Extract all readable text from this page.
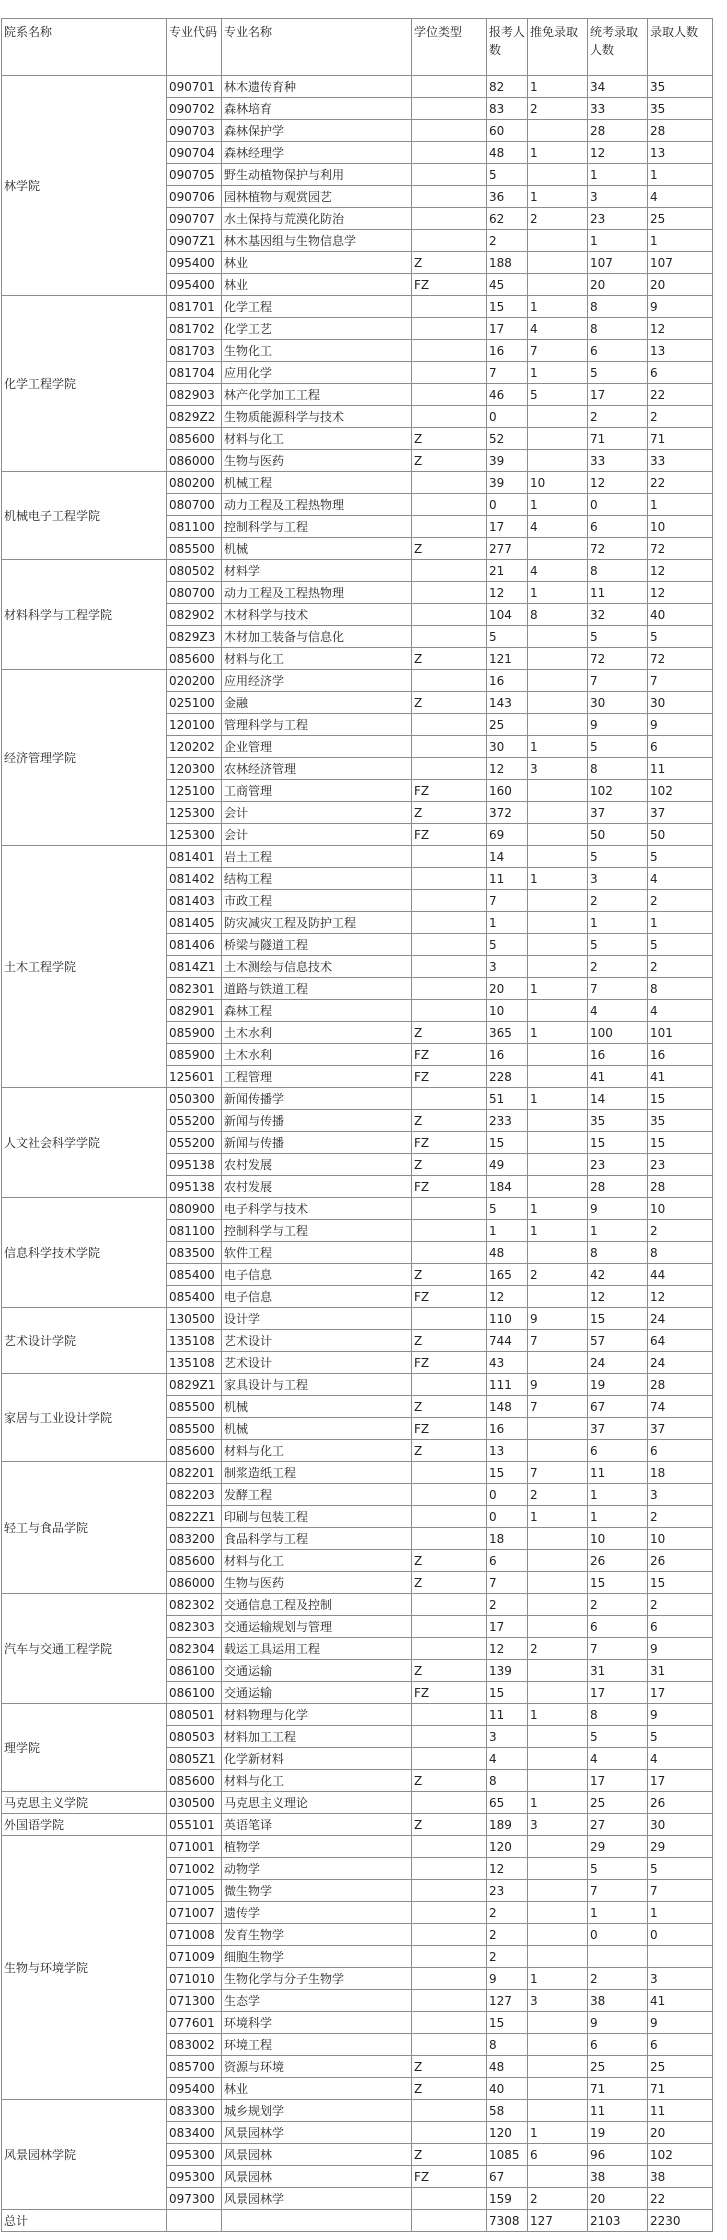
院系名称	专业代码	专业名称	学位类型	报考人数	推免录取	统考录取人数	录取人数
林学院	090701	林木遗传育种		82	1	34	35
	090702	森林培育		83	2	33	35
	090703	森林保护学		60		28	28
	090704	森林经理学		48	1	12	13
	090705	野生动植物保护与利用		5		1	1
	090706	园林植物与观赏园艺		36	1	3	4
	090707	水土保持与荒漠化防治		62	2	23	25
	0907Z1	林木基因组与生物信息学		2		1	1
	095400	林业	Z	188		107	107
	095400	林业	FZ	45		20	20
化学工程学院	081701	化学工程		15	1	8	9
	081702	化学工艺		17	4	8	12
	081703	生物化工		16	7	6	13
	081704	应用化学		7	1	5	6
	082903	林产化学加工工程		46	5	17	22
	0829Z2	生物质能源科学与技术		0		2	2
	085600	材料与化工	Z	52		71	71
	086000	生物与医药	Z	39		33	33
机械电子工程学院	080200	机械工程		39	10	12	22
	080700	动力工程及工程热物理		0	1	0	1
	081100	控制科学与工程		17	4	6	10
	085500	机械	Z	277		72	72
材料科学与工程学院	080502	材料学		21	4	8	12
	080700	动力工程及工程热物理		12	1	11	12
	082902	木材科学与技术		104	8	32	40
	0829Z3	木材加工装备与信息化		5		5	5
	085600	材料与化工	Z	121		72	72
经济管理学院	020200	应用经济学		16		7	7
	025100	金融	Z	143		30	30
	120100	管理科学与工程		25		9	9
	120202	企业管理		30	1	5	6
	120300	农林经济管理		12	3	8	11
	125100	工商管理	FZ	160		102	102
	125300	会计	Z	372		37	37
	125300	会计	FZ	69		50	50
土木工程学院	081401	岩土工程		14		5	5
	081402	结构工程		11	1	3	4
	081403	市政工程		7		2	2
	081405	防灾减灾工程及防护工程		1		1	1
	081406	桥梁与隧道工程		5		5	5
	0814Z1	土木测绘与信息技术		3		2	2
	082301	道路与铁道工程		20	1	7	8
	082901	森林工程		10		4	4
	085900	土木水利	Z	365	1	100	101
	085900	土木水利	FZ	16		16	16
	125601	工程管理	FZ	228		41	41
人文社会科学学院	050300	新闻传播学		51	1	14	15
	055200	新闻与传播	Z	233		35	35
	055200	新闻与传播	FZ	15		15	15
	095138	农村发展	Z	49		23	23
	095138	农村发展	FZ	184		28	28
信息科学技术学院	080900	电子科学与技术		5	1	9	10
	081100	控制科学与工程		1	1	1	2
	083500	软件工程		48		8	8
	085400	电子信息	Z	165	2	42	44
	085400	电子信息	FZ	12		12	12
艺术设计学院	130500	设计学		110	9	15	24
	135108	艺术设计	Z	744	7	57	64
	135108	艺术设计	FZ	43		24	24
家居与工业设计学院	0829Z1	家具设计与工程		111	9	19	28
	085500	机械	Z	148	7	67	74
	085500	机械	FZ	16		37	37
	085600	材料与化工	Z	13		6	6
轻工与食品学院	082201	制浆造纸工程		15	7	11	18
	082203	发酵工程		0	2	1	3
	0822Z1	印刷与包装工程		0	1	1	2
	083200	食品科学与工程		18		10	10
	085600	材料与化工	Z	6		26	26
	086000	生物与医药	Z	7		15	15
汽车与交通工程学院	082302	交通信息工程及控制		2		2	2
	082303	交通运输规划与管理		17		6	6
	082304	载运工具运用工程		12	2	7	9
	086100	交通运输	Z	139		31	31
	086100	交通运输	FZ	15		17	17
理学院	080501	材料物理与化学		11	1	8	9
	080503	材料加工工程		3		5	5
	0805Z1	化学新材料		4		4	4
	085600	材料与化工	Z	8		17	17
马克思主义学院	030500	马克思主义理论		65	1	25	26
外国语学院	055101	英语笔译	Z	189	3	27	30
生物与环境学院	071001	植物学		120		29	29
	071002	动物学		12		5	5
	071005	微生物学		23		7	7
	071007	遗传学		2		1	1
	071008	发育生物学		2		0	0
	071009	细胞生物学		2			
	071010	生物化学与分子生物学		9	1	2	3
	071300	生态学		127	3	38	41
	077601	环境科学		15		9	9
	083002	环境工程		8		6	6
	085700	资源与环境	Z	48		25	25
	095400	林业	Z	40		71	71
风景园林学院	083300	城乡规划学		58		11	11
	083400	风景园林学		120	1	19	20
	095300	风景园林	Z	1085	6	96	102
	095300	风景园林	FZ	67		38	38
	097300	风景园林学		159	2	20	22
总计				7308	127	2103	2230
